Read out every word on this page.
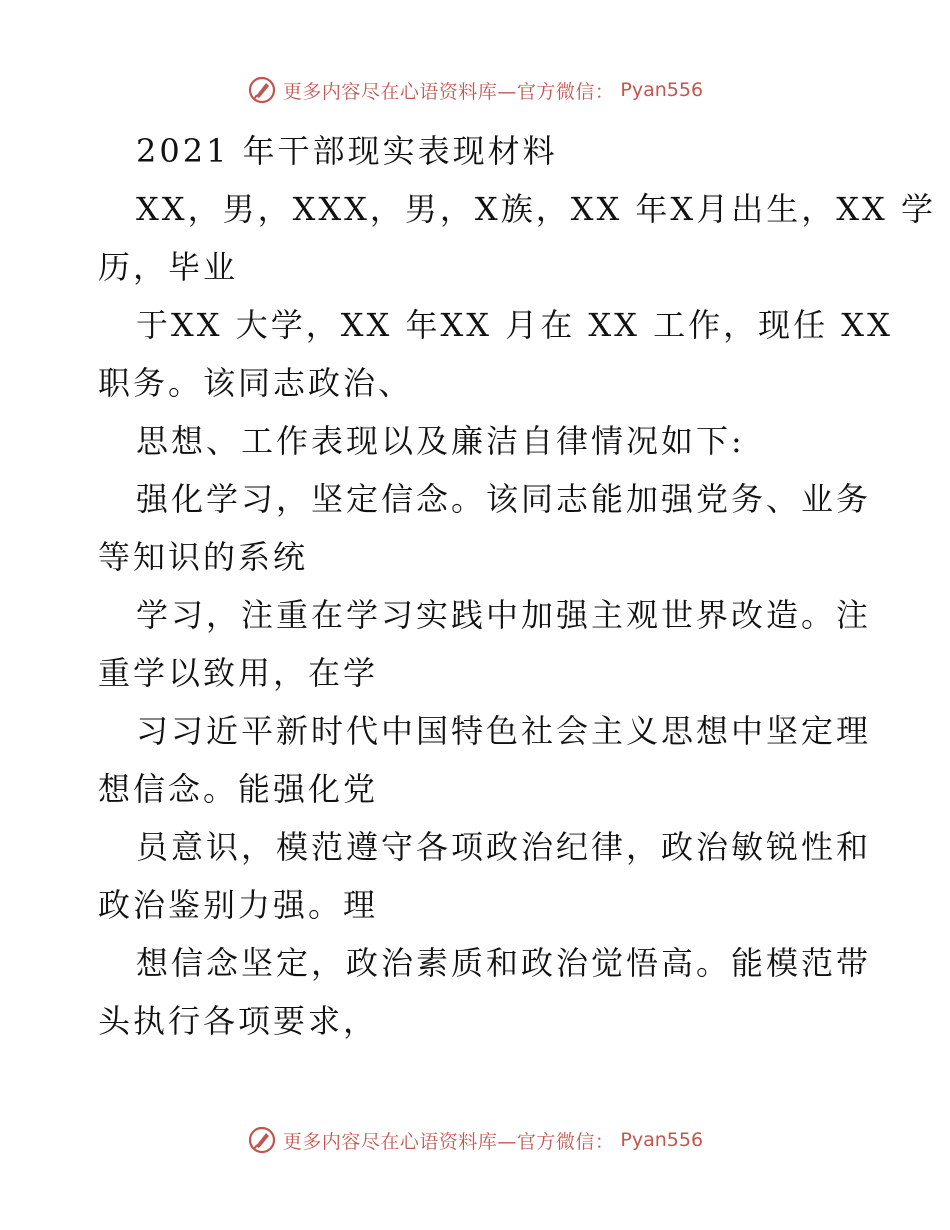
更多内容尽在心语资料库—官方微信： Pyan556
2021 年干部现实表现材料
XX，男，XXX，男，X族，XX 年X月出生，XX 学
历，毕业
于XX 大学，XX 年XX 月在 XX 工作，现任 XX
职务。该同志政治、
思想、工作表现以及廉洁自律情况如下:
强化学习，坚定信念。该同志能加强党务、业务
等知识的系统
学习，注重在学习实践中加强主观世界改造。注
重学以致用，在学
习习近平新时代中国特色社会主义思想中坚定理
想信念。能强化党
员意识，模范遵守各项政治纪律，政治敏锐性和
政治鉴别力强。理
想信念坚定，政治素质和政治觉悟高。能模范带
头执行各项要求，
更多内容尽在心语资料库—官方微信： Pyan556
